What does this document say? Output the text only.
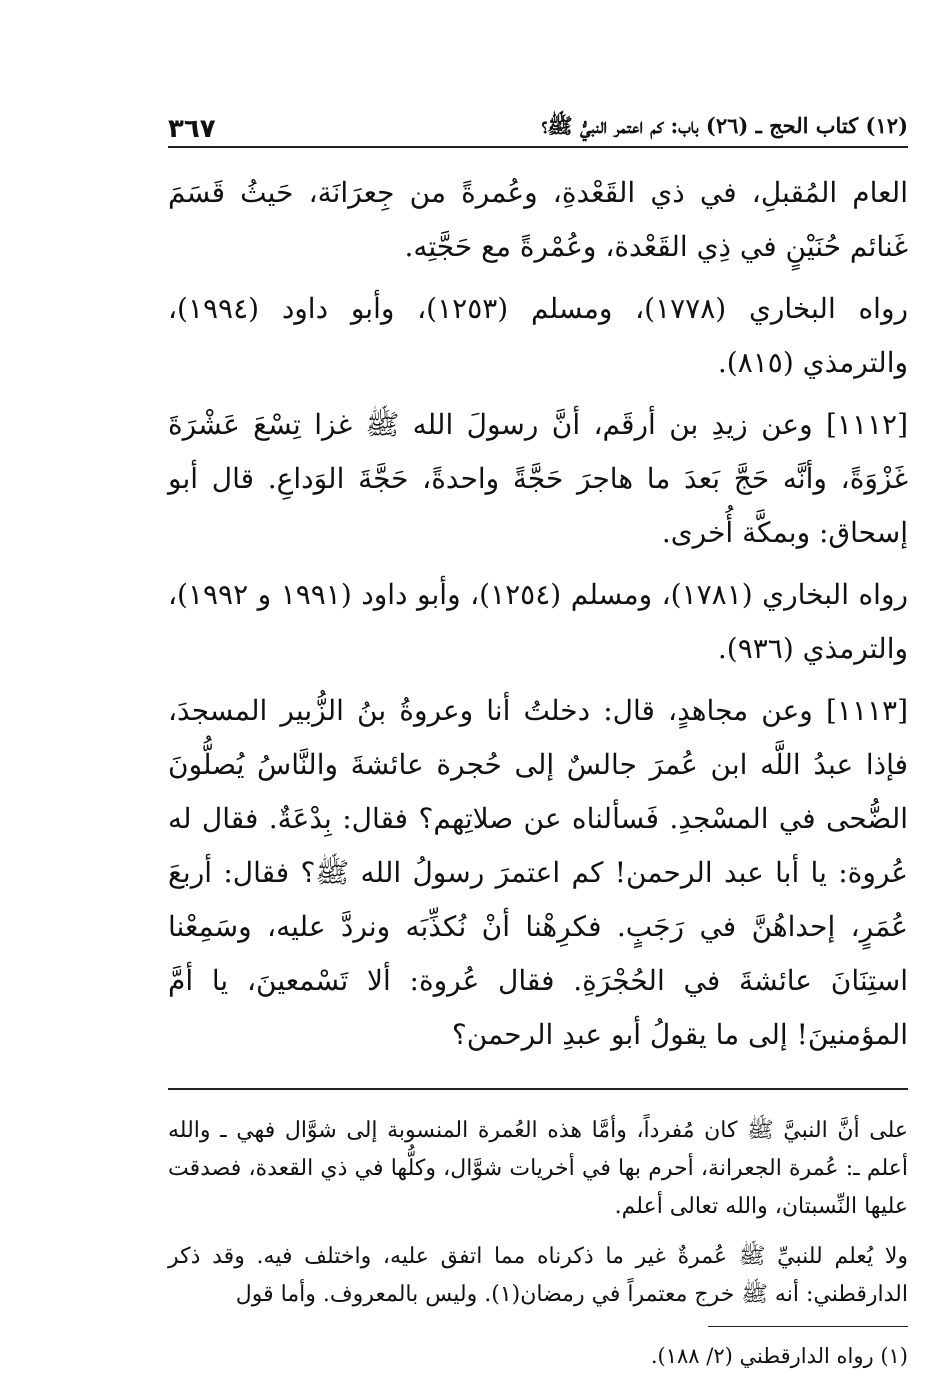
(١٢) كتاب الحج ـ (٢٦) باب: كم اعتمر النبيُّ ﷺ؟
٣٦٧

العام المُقبلِ، في ذي القَعْدةِ، وعُمرةً من جِعرَانَة، حَيثُ قَسَمَ غَنائم حُنَيْنٍ في ذِي القَعْدة، وعُمْرةً مع حَجَّتِه.

رواه البخاري (١٧٧٨)، ومسلم (١٢٥٣)، وأبو داود (١٩٩٤)، والترمذي (٨١٥).

[١١١٢] وعن زيدِ بن أرقَم، أنَّ رسولَ الله ﷺ غزا تِسْعَ عَشْرَةَ غَزْوَةً، وأنَّه حَجَّ بَعدَ ما هاجرَ حَجَّةً واحدةً، حَجَّةَ الوَداعِ. قال أبو إسحاق: وبمكَّة أُخرى.

رواه البخاري (١٧٨١)، ومسلم (١٢٥٤)، وأبو داود (١٩٩١ و ١٩٩٢)، والترمذي (٩٣٦).

[١١١٣] وعن مجاهدٍ، قال: دخلتُ أنا وعروةُ بنُ الزُّبير المسجدَ، فإذا عبدُ اللَّه ابن عُمرَ جالسٌ إلى حُجرة عائشةَ والنَّاسُ يُصلُّونَ الضُّحى في المسْجدِ. فَسألناه عن صلاتِهم؟ فقال: بِدْعَةٌ. فقال له عُروة: يا أبا عبد الرحمن! كم اعتمرَ رسولُ الله ﷺ؟ فقال: أربعَ عُمَرٍ، إحداهُنَّ في رَجَبٍ. فكرِهْنا أنْ نُكذِّبَه ونردَّ عليه، وسَمِعْنا استِنَانَ عائشةَ في الحُجْرَةِ. فقال عُروة: ألا تَسْمعينَ، يا أمَّ المؤمنينَ! إلى ما يقولُ أبو عبدِ الرحمن؟

على أنَّ النبيَّ ﷺ كان مُفرداً، وأمَّا هذه العُمرة المنسوبة إلى شوَّال فهي ـ والله أعلم ـ: عُمرة الجعرانة، أحرم بها في أخريات شوَّال، وكلُّها في ذي القعدة، فصدقت عليها النِّسبتان، والله تعالى أعلم.

ولا يُعلم للنبيِّ ﷺ عُمرةٌ غير ما ذكرناه مما اتفق عليه، واختلف فيه. وقد ذكر الدارقطني: أنه ﷺ خرج معتمراً في رمضان(١). وليس بالمعروف. وأما قول

(١) رواه الدارقطني (٢/ ١٨٨).
